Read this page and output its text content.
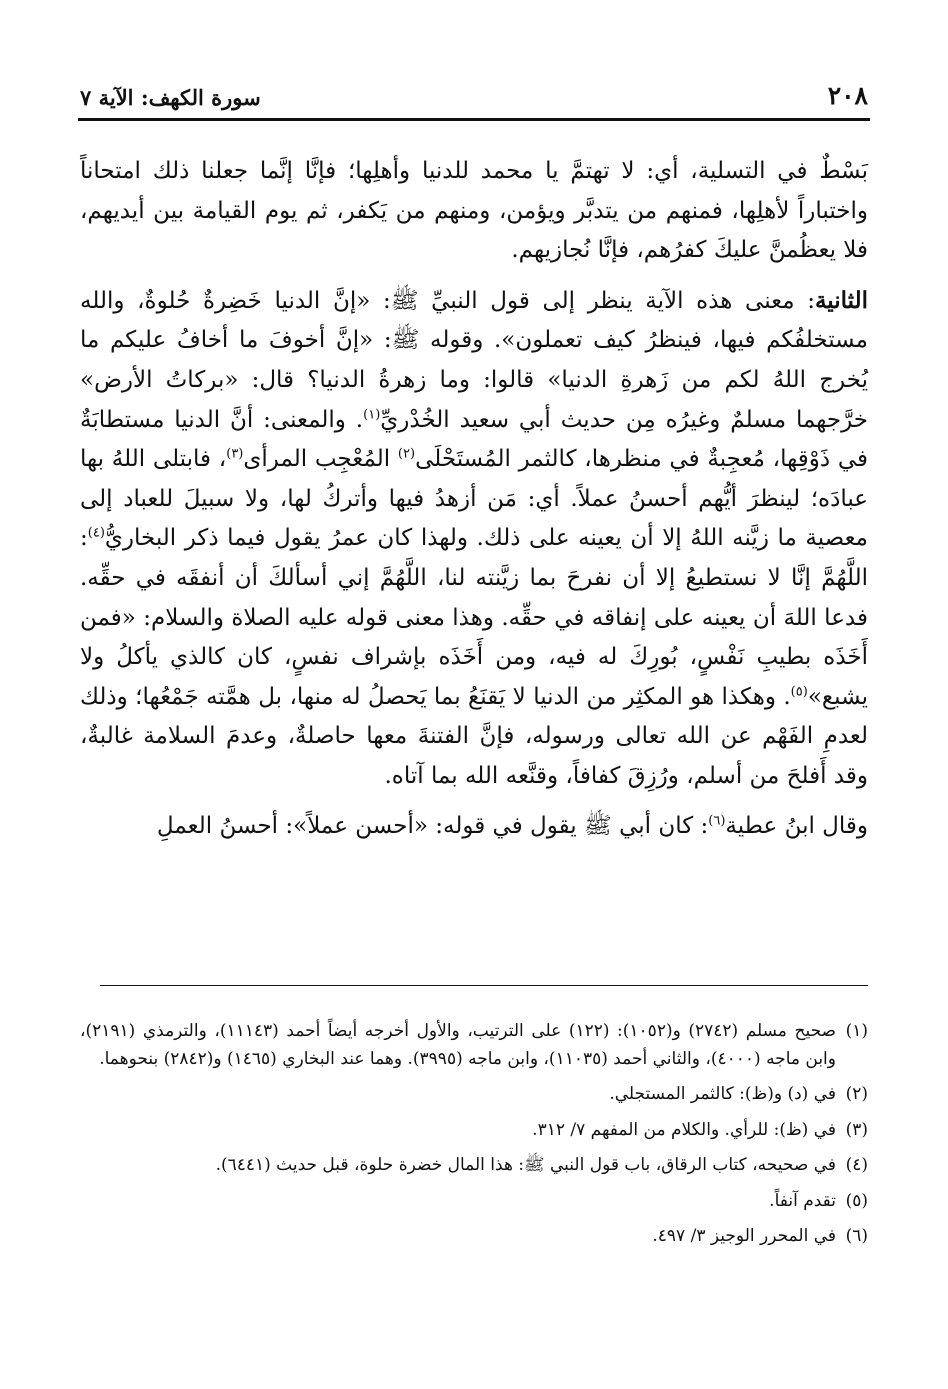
٢٠٨
سورة الكهف: الآية ٧

بَسْطٌ في التسلية، أي: لا تهتمَّ يا محمد للدنيا وأهلِها؛ فإنَّا إنَّما جعلنا ذلك امتحاناً واختباراً لأهلِها، فمنهم من يتدبَّر ويؤمن، ومنهم من يَكفر، ثم يوم القيامة بين أيديهم، فلا يعظُمنَّ عليكَ كفرُهم، فإنَّا نُجازيهم.

الثانية: معنى هذه الآية ينظر إلى قول النبيِّ ﷺ: «إنَّ الدنيا خَضِرةٌ حُلوةٌ، والله مستخلفُكم فيها، فينظرُ كيف تعملون». وقوله ﷺ: «إنَّ أخوفَ ما أخافُ عليكم ما يُخرج اللهُ لكم من زَهرةِ الدنيا» قالوا: وما زهرةُ الدنيا؟ قال: «بركاتُ الأرض» خرَّجهما مسلمٌ وغيرُه مِن حديث أبي سعيد الخُدْريِّ$^{(١)}$. والمعنى: أنَّ الدنيا مستطابَةٌ في ذَوْقِها، مُعجِبةٌ في منظرها، كالثمر المُستَحْلَى$^{(٢)}$ المُعْجِب المرأى$^{(٣)}$، فابتلى اللهُ بها عبادَه؛ لينظرَ أيُّهم أحسنُ عملاً. أي: مَن أزهدُ فيها وأتركُ لها، ولا سبيلَ للعباد إلى معصية ما زيَّنه اللهُ إلا أن يعينه على ذلك. ولهذا كان عمرُ يقول فيما ذكر البخاريُّ$^{(٤)}$: اللَّهُمَّ إنَّا لا نستطيعُ إلا أن نفرحَ بما زيَّنته لنا، اللَّهُمَّ إني أسألكَ أن أنفقَه في حقِّه. فدعا اللهَ أن يعينه على إنفاقه في حقِّه. وهذا معنى قوله عليه الصلاة والسلام: «فمن أَخَذَه بطيبِ نَفْسٍ، بُورِكَ له فيه، ومن أَخَذَه بإشراف نفسٍ، كان كالذي يأكلُ ولا يشبع»$^{(٥)}$. وهكذا هو المكثِر من الدنيا لا يَقنَعُ بما يَحصلُ له منها، بل همَّته جَمْعُها؛ وذلك لعدمِ الفَهْم عن الله تعالى ورسوله، فإنَّ الفتنةَ معها حاصلةٌ، وعدمَ السلامة غالبةٌ، وقد أَفلحَ من أسلم، ورُزِقَ كفافاً، وقنَّعه الله بما آتاه.

وقال ابنُ عطية$^{(٦)}$: كان أبي ﷺ يقول في قوله: «أحسن عملاً»: أحسنُ العملِ

(١)صحيح مسلم (٢٧٤٢) و(١٠٥٢): (١٢٢) على الترتيب، والأول أخرجه أيضاً أحمد (١١١٤٣)، والترمذي (٢١٩١)، وابن ماجه (٤٠٠٠)، والثاني أحمد (١١٠٣٥)، وابن ماجه (٣٩٩٥). وهما عند البخاري (١٤٦٥) و(٢٨٤٢) بنحوهما.

(٢)في (د) و(ظ): كالثمر المستجلي.

(٣)في (ظ): للرأي. والكلام من المفهم ٧/ ٣١٢.

(٤)في صحيحه، كتاب الرقاق، باب قول النبي ﷺ: هذا المال خضرة حلوة، قبل حديث (٦٤٤١).

(٥)تقدم آنفاً.

(٦)في المحرر الوجيز ٣/ ٤٩٧.
